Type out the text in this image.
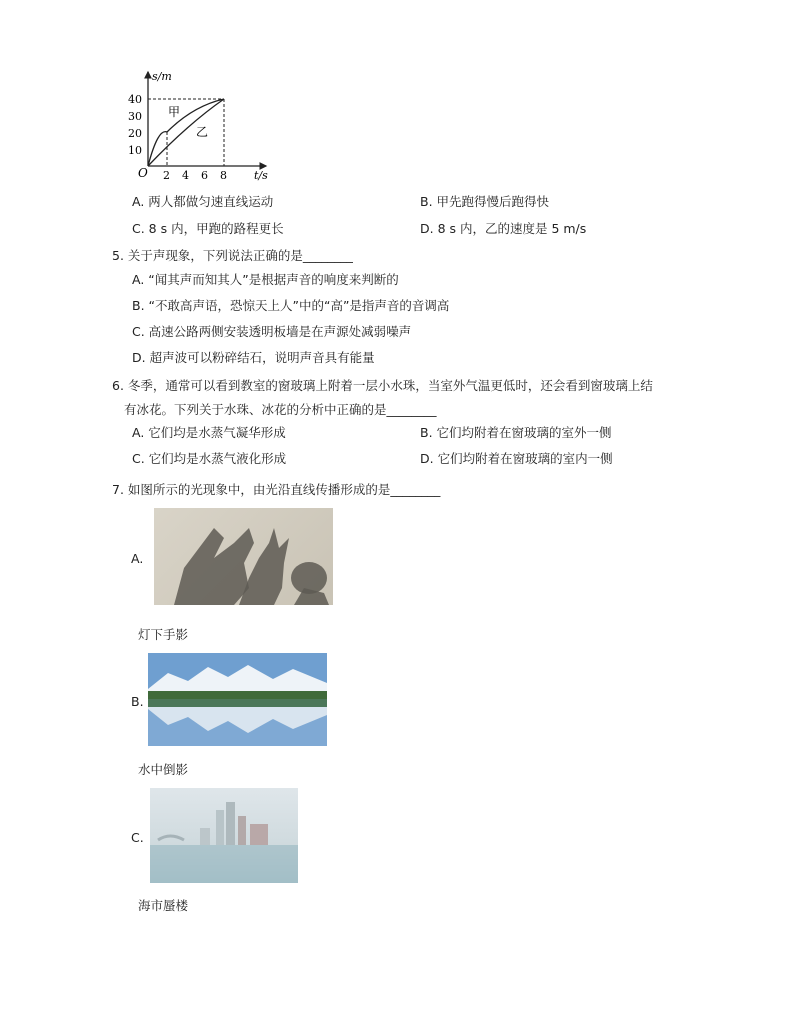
s/m
t/s
O
40
30
20
10
2 4 6 8
甲
乙
A. 两人都做匀速直线运动	B. 甲先跑得慢后跑得快
C. 8 s 内，甲跑的路程更长	D. 8 s 内，乙的速度是 5 m/s
5. 关于声现象，下列说法正确的是________
A. “闻其声而知其人”是根据声音的响度来判断的
B. “不敢高声语，恐惊天上人”中的“高”是指声音的音调高
C. 高速公路两侧安装透明板墙是在声源处减弱噪声
D. 超声波可以粉碎结石，说明声音具有能量
6. 冬季，通常可以看到教室的窗玻璃上附着一层小水珠，当室外气温更低时，还会看到窗玻璃上结
有冰花。下列关于水珠、冰花的分析中正确的是________
A. 它们均是水蒸气凝华形成	B. 它们均附着在窗玻璃的室外一侧
C. 它们均是水蒸气液化形成	D. 它们均附着在窗玻璃的室内一侧
7. 如图所示的光现象中，由光沿直线传播形成的是________
A.
灯下手影
B.
水中倒影
C.
海市蜃楼
